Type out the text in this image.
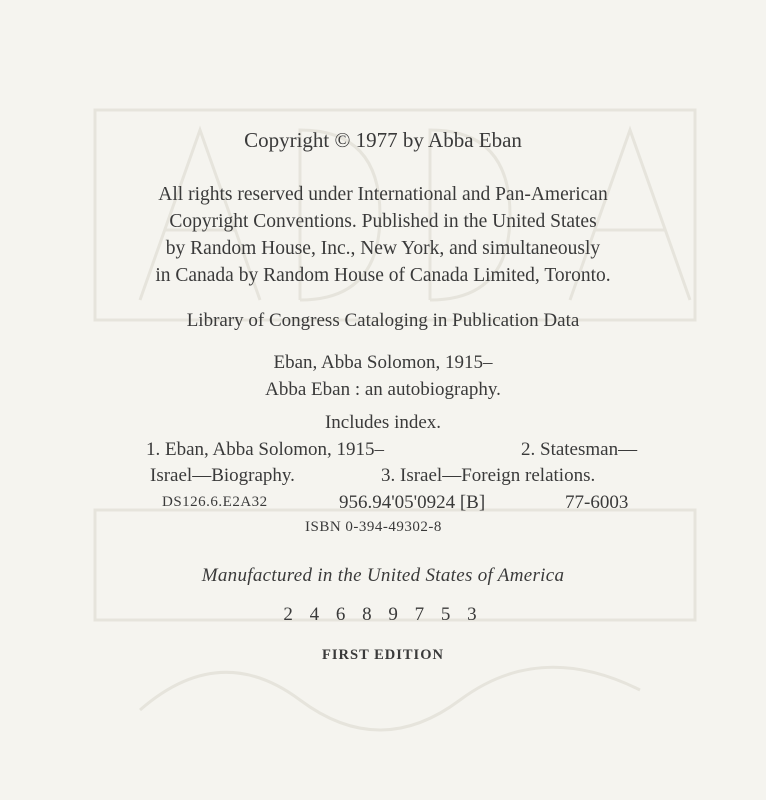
Copyright © 1977 by Abba Eban
All rights reserved under International and Pan-American
Copyright Conventions. Published in the United States
by Random House, Inc., New York, and simultaneously
in Canada by Random House of Canada Limited, Toronto.
Library of Congress Cataloging in Publication Data
Eban, Abba Solomon, 1915–
Abba Eban : an autobiography.
Includes index.
1. Eban, Abba Solomon, 1915–	2. Statesman—
Israel—Biography.	3. Israel—Foreign relations.
DS126.6.E2A32	956.94'05'0924 [B]	77-6003
ISBN 0-394-49302-8
Manufactured in the United States of America
2 4 6 8 9 7 5 3
FIRST EDITION
